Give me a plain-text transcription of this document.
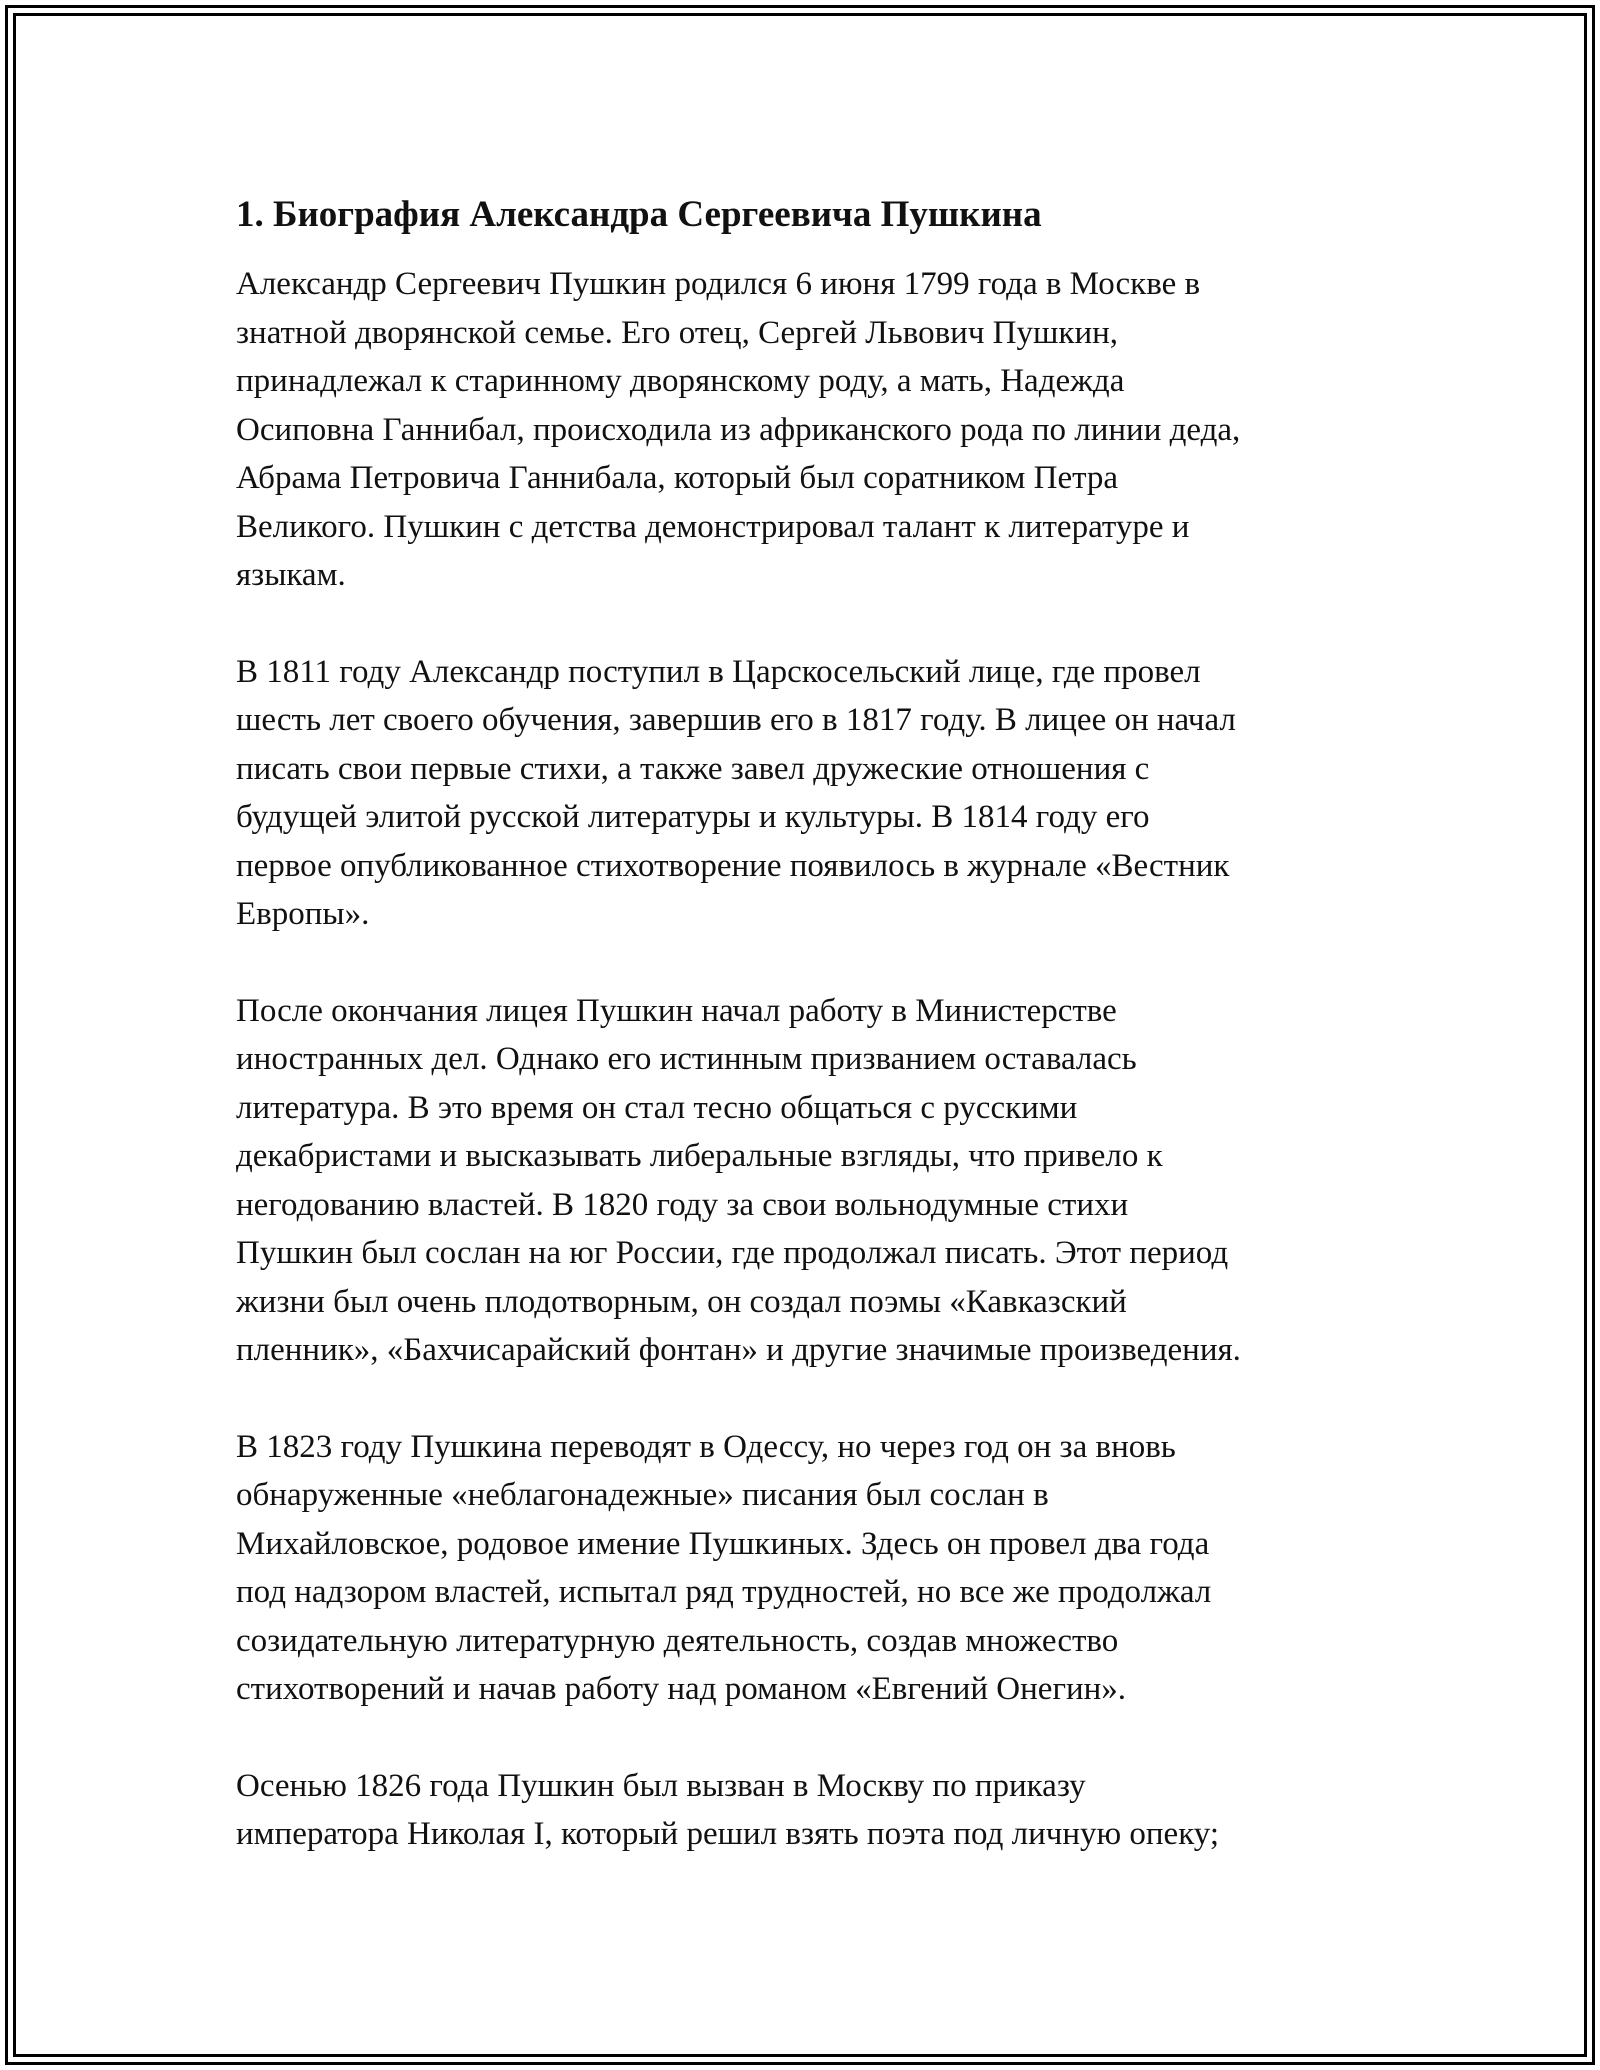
1. Биография Александра Сергеевича Пушкина

Александр Сергеевич Пушкин родился 6 июня 1799 года в Москве в
знатной дворянской семье. Его отец, Сергей Львович Пушкин,
принадлежал к старинному дворянскому роду, а мать, Надежда
Осиповна Ганнибал, происходила из африканского рода по линии деда,
Абрама Петровича Ганнибала, который был соратником Петра
Великого. Пушкин с детства демонстрировал талант к литературе и
языкам.

В 1811 году Александр поступил в Царскосельский лице, где провел
шесть лет своего обучения, завершив его в 1817 году. В лицее он начал
писать свои первые стихи, а также завел дружеские отношения с
будущей элитой русской литературы и культуры. В 1814 году его
первое опубликованное стихотворение появилось в журнале «Вестник
Европы».

После окончания лицея Пушкин начал работу в Министерстве
иностранных дел. Однако его истинным призванием оставалась
литература. В это время он стал тесно общаться с русскими
декабристами и высказывать либеральные взгляды, что привело к
негодованию властей. В 1820 году за свои вольнодумные стихи
Пушкин был сослан на юг России, где продолжал писать. Этот период
жизни был очень плодотворным, он создал поэмы «Кавказский
пленник», «Бахчисарайский фонтан» и другие значимые произведения.

В 1823 году Пушкина переводят в Одессу, но через год он за вновь
обнаруженные «неблагонадежные» писания был сослан в
Михайловское, родовое имение Пушкиных. Здесь он провел два года
под надзором властей, испытал ряд трудностей, но все же продолжал
созидательную литературную деятельность, создав множество
стихотворений и начав работу над романом «Евгений Онегин».

Осенью 1826 года Пушкин был вызван в Москву по приказу
императора Николая I, который решил взять поэта под личную опеку;
